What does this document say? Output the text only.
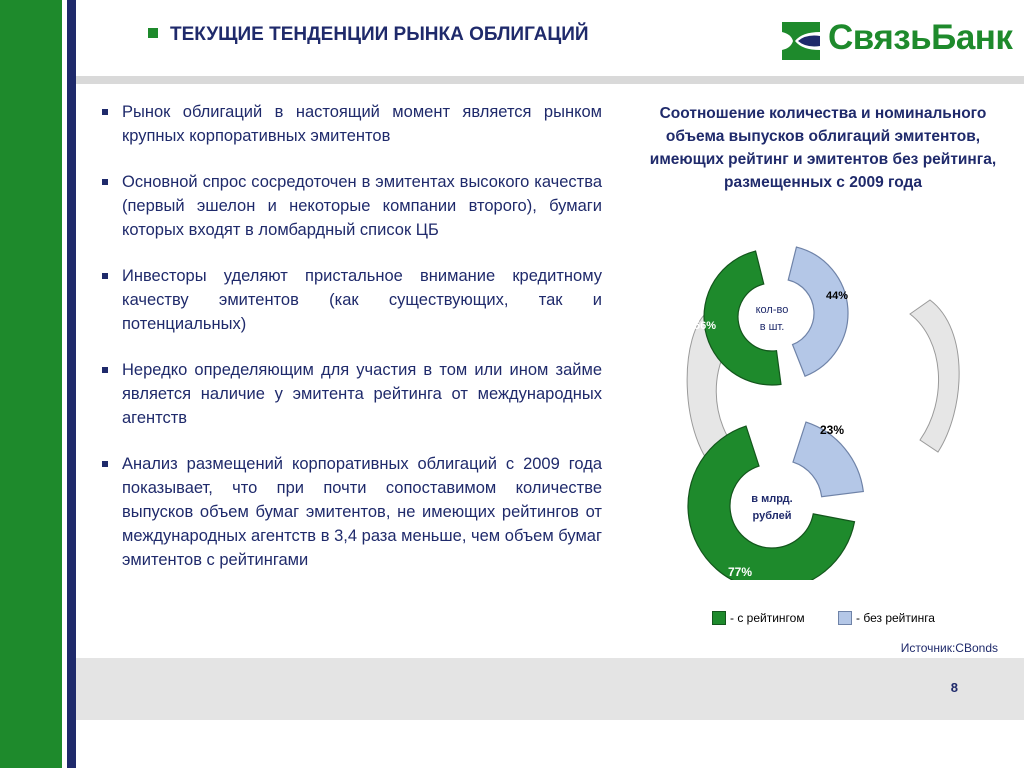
ТЕКУЩИЕ ТЕНДЕНЦИИ РЫНКА ОБЛИГАЦИЙ	СвязьБанк
Рынок облигаций в настоящий момент является рынком крупных корпоративных эмитентов
Основной спрос сосредоточен в эмитентах высокого качества (первый эшелон и некоторые компании второго), бумаги которых входят в ломбардный список ЦБ
Инвесторы уделяют пристальное внимание кредитному качеству эмитентов (как существующих, так и потенциальных)
Нередко определяющим для участия в том или ином займе является наличие у эмитента рейтинга от международных агентств
Анализ размещений корпоративных облигаций с 2009 года показывает, что при почти сопоставимом количестве выпусков объем бумаг эмитентов, не имеющих рейтингов от международных агентств в 3,4 раза меньше, чем объем бумаг эмитентов с рейтингами
Соотношение количества и номинального объема выпусков облигаций эмитентов, имеющих рейтинг и эмитентов без рейтинга, размещенных с 2009 года
56%
44%
кол-во
в шт.
77%
23%
в млрд.
рублей
- с рейтингом	- без рейтинга
Источник:CBonds
8
